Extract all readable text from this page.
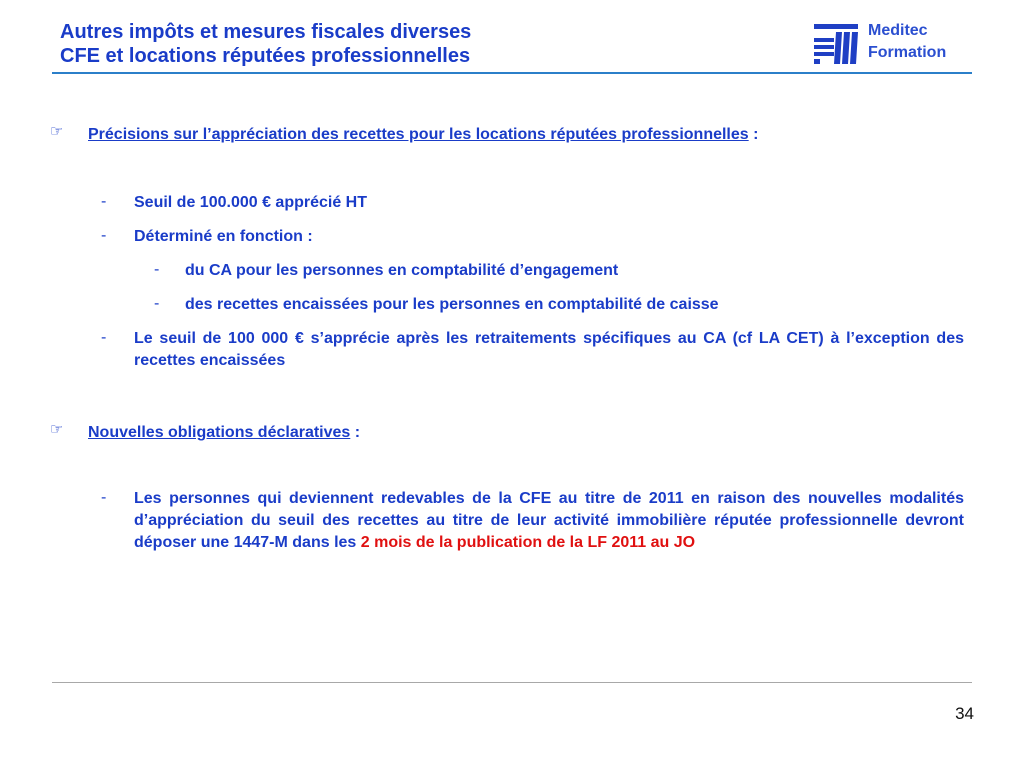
Autres impôts et mesures fiscales diverses
CFE et locations réputées professionnelles
Meditec
Formation
☞ Précisions sur l’appréciation des recettes pour les locations réputées professionnelles :
- Seuil de 100.000 € apprécié HT
- Déterminé en fonction :
- du CA pour les personnes en comptabilité d’engagement
- des recettes encaissées pour les personnes en comptabilité de caisse
- Le seuil de 100 000 € s’apprécie après les retraitements spécifiques au CA (cf LA CET) à l’exception des recettes encaissées
☞ Nouvelles obligations déclaratives :
- Les personnes qui deviennent redevables de la CFE au titre de 2011 en raison des nouvelles modalités d’appréciation du seuil des recettes au titre de leur activité immobilière réputée professionnelle devront déposer une 1447-M dans les 2 mois de la publication de la LF 2011 au JO
34
